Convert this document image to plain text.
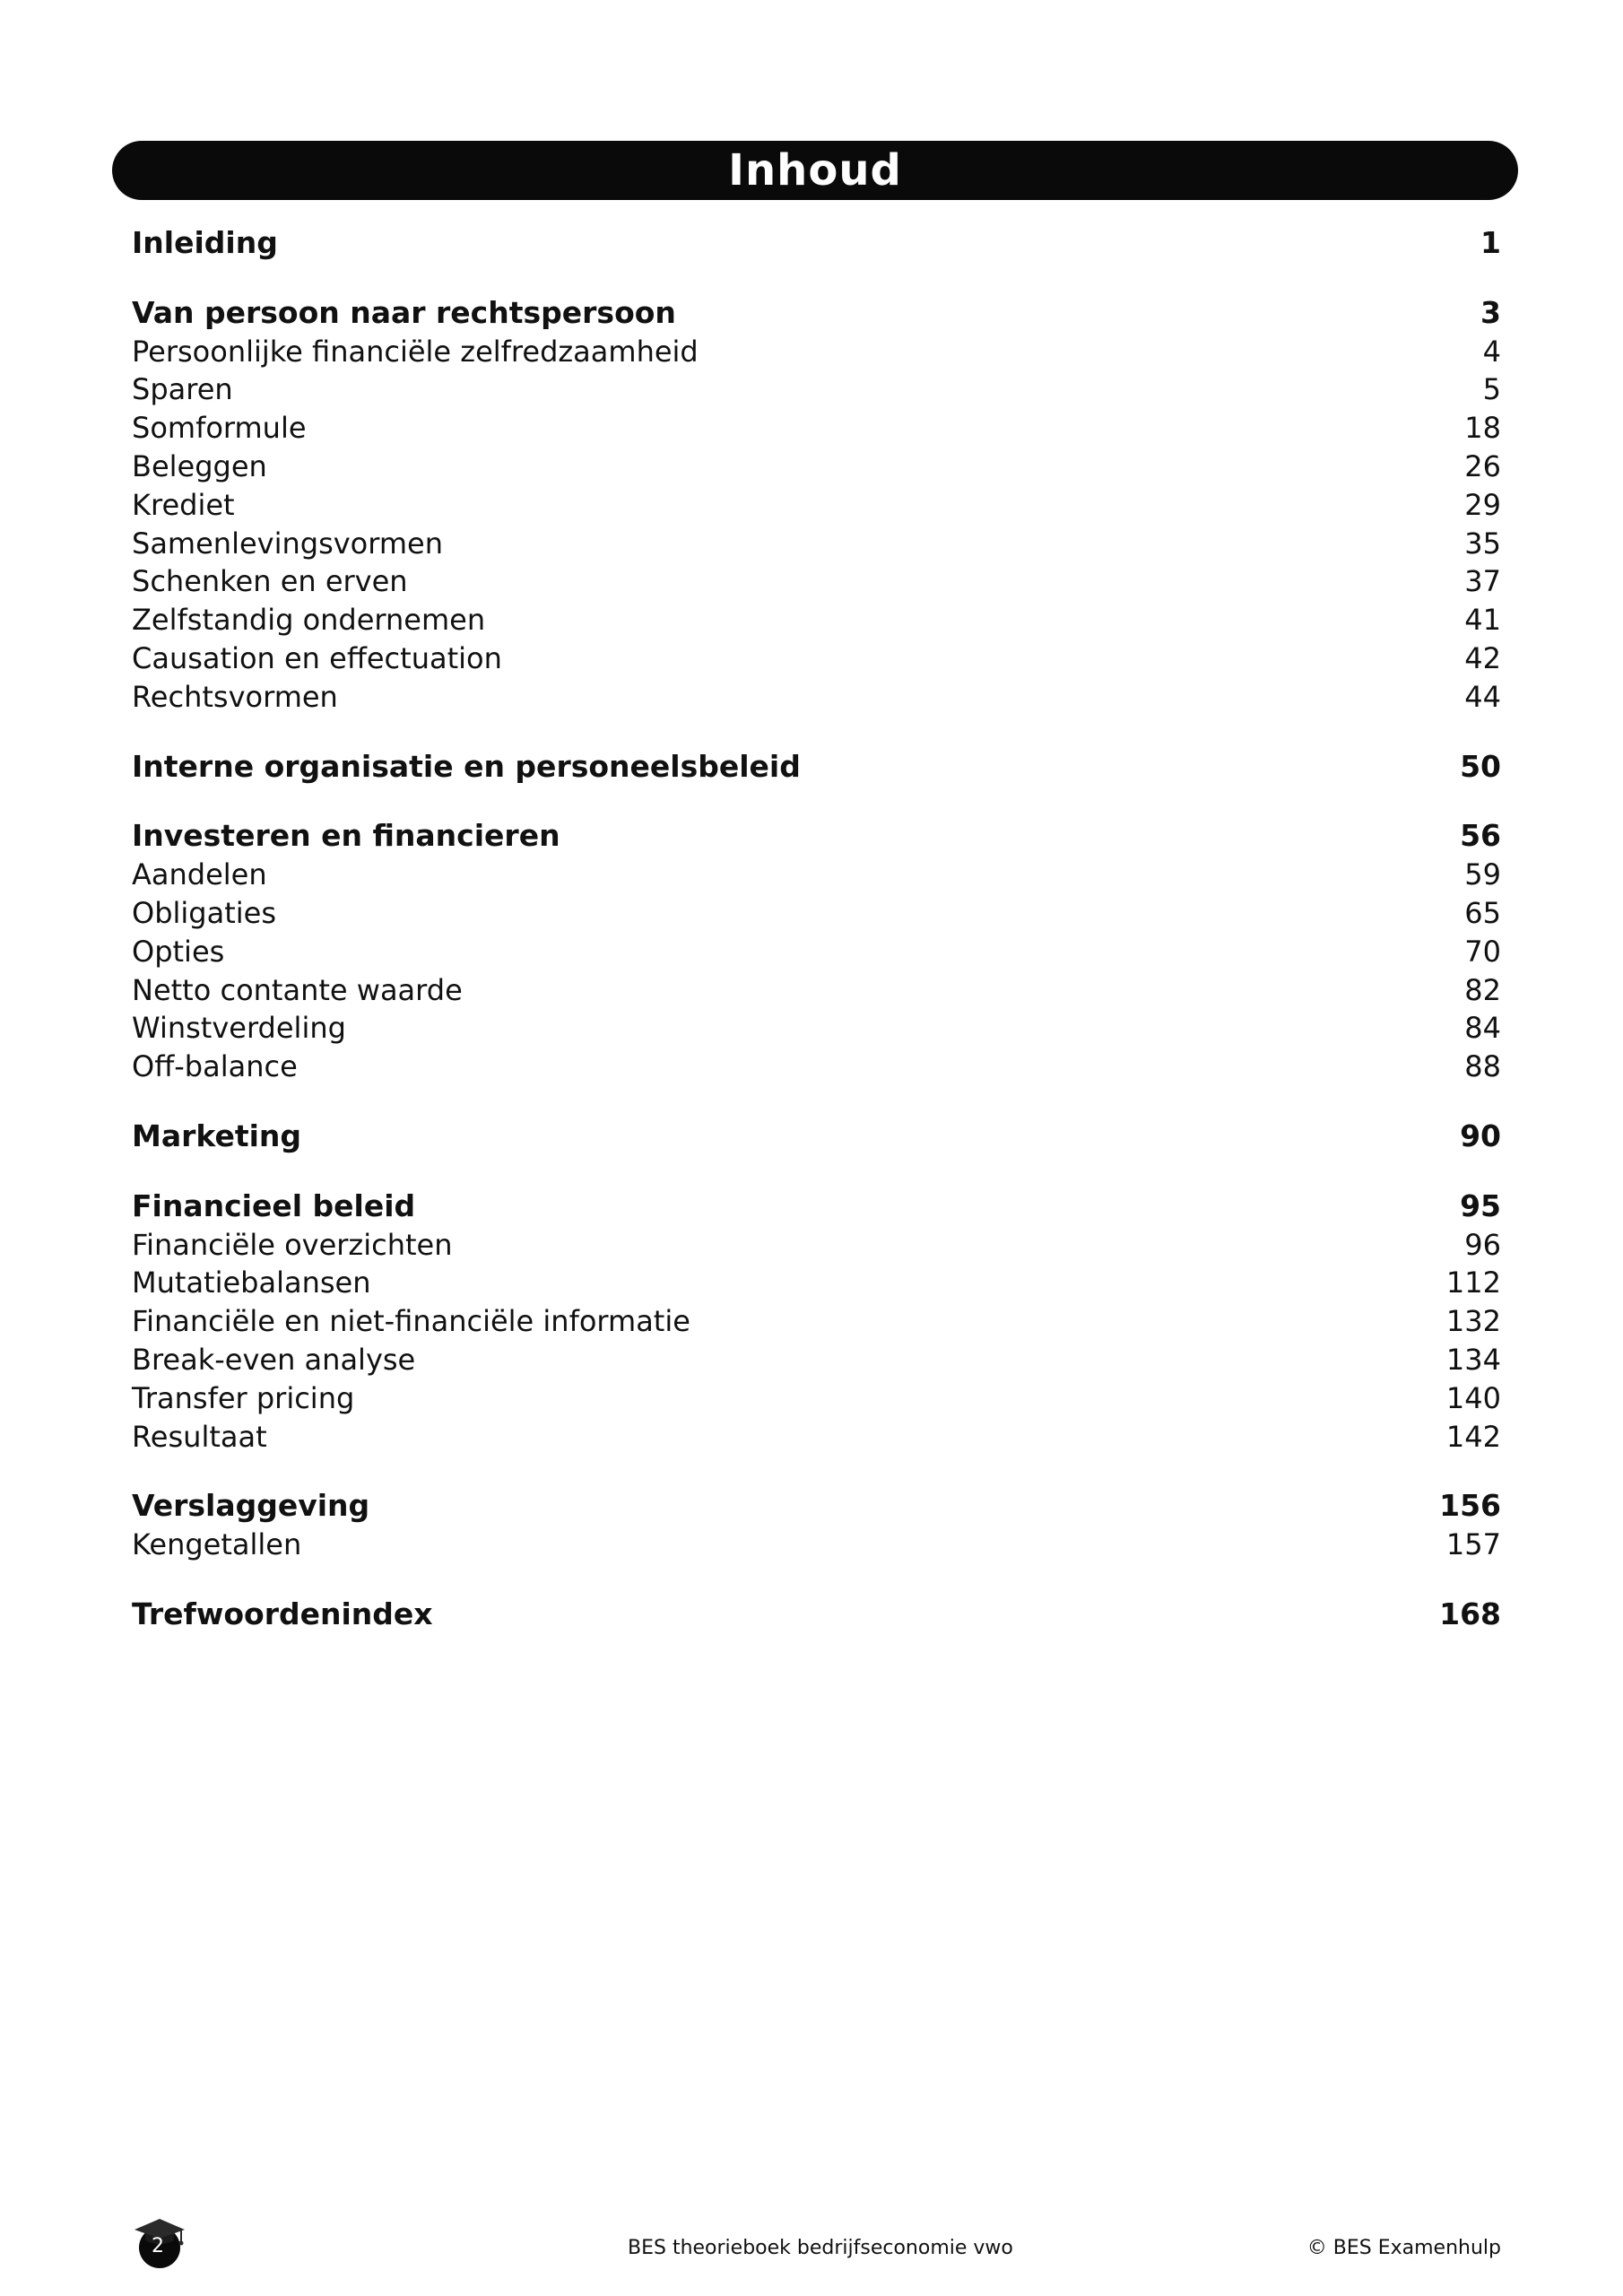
Inhoud
Inleiding	1
Van persoon naar rechtspersoon	3
Persoonlijke financiële zelfredzaamheid	4
Sparen	5
Somformule	18
Beleggen	26
Krediet	29
Samenlevingsvormen	35
Schenken en erven	37
Zelfstandig ondernemen	41
Causation en effectuation	42
Rechtsvormen	44
Interne organisatie en personeelsbeleid	50
Investeren en financieren	56
Aandelen	59
Obligaties	65
Opties	70
Netto contante waarde	82
Winstverdeling	84
Off-balance	88
Marketing	90
Financieel beleid	95
Financiële overzichten	96
Mutatiebalansen	112
Financiële en niet-financiële informatie	132
Break-even analyse	134
Transfer pricing	140
Resultaat	142
Verslaggeving	156
Kengetallen	157
Trefwoordenindex	168
2	BES theorieboek bedrijfseconomie vwo	© BES Examenhulp
